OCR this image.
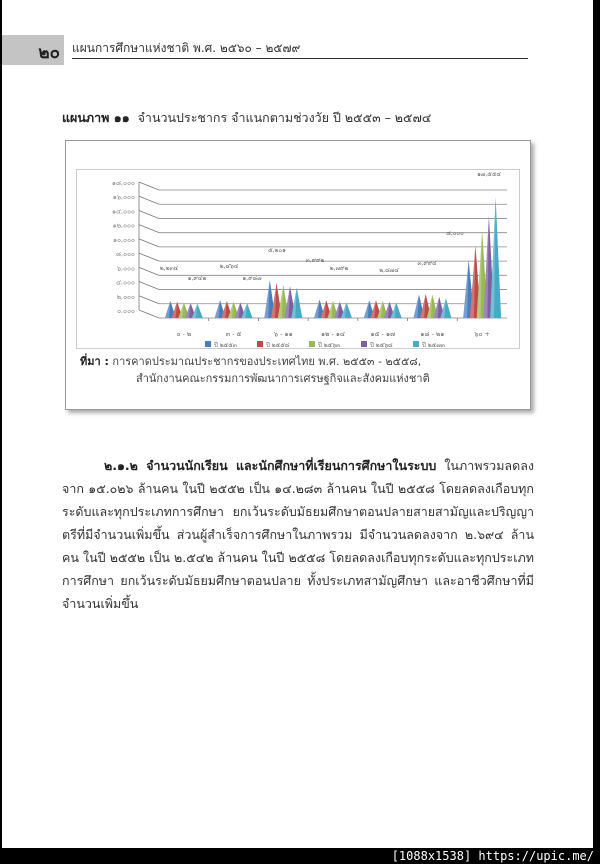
๒๐ แผนการศึกษาแห่งชาติ พ.ศ. ๒๕๖๐ – ๒๕๗๙
แผนภาพ ๑๑ จำนวนประชากร จำแนกตามช่วงวัย ปี ๒๕๕๓ – ๒๕๗๔
๐.๐๐๐
๒,๐๐๐
๔,๐๐๐
๖,๐๐๐
๘,๐๐๐
๑๐,๐๐๐
๑๒,๐๐๐
๑๔,๐๐๐
๑๖,๐๐๐
๑๘,๐๐๐
๐ - ๒	๓ - ๕	๖ - ๑๑	๑๒ - ๑๔	๑๕ - ๑๗	๑๘ - ๒๑	๖๐ +
๒,๒๓๔
๑,๙๔๒
๒,๔๖๔
๑,๙๘๗
๕,๒๐๑
๓,๙๙๒
๒,๗๙๒	๒,๘๗๔
๓,๙๙๔
๘,๐๐๐
๑๗,๕๕๔
ปี ๒๕๕๓	ปี ๒๕๕๘	ปี ๒๕๖๓	ปี ๒๕๖๘	ปี ๒๕๗๓
ที่มา : การคาดประมาณประชากรของประเทศไทย พ.ศ. ๒๕๕๓ - ๒๕๕๘,
สำนักงานคณะกรรมการพัฒนาการเศรษฐกิจและสังคมแห่งชาติ
๒.๑.๒ จำนวนนักเรียน และนักศึกษาที่เรียนการศึกษาในระบบ ในภาพรวมลดลงจาก ๑๕.๐๒๖ ล้านคน ในปี ๒๕๕๒ เป็น ๑๔.๒๘๓ ล้านคน ในปี ๒๕๕๘ โดยลดลงเกือบทุกระดับและทุกประเภทการศึกษา ยกเว้นระดับมัธยมศึกษาตอนปลายสายสามัญและปริญญาตรีที่มีจำนวนเพิ่มขึ้น ส่วนผู้สำเร็จการศึกษาในภาพรวม มีจำนวนลดลงจาก ๒.๖๙๔ ล้านคน ในปี ๒๕๕๒ เป็น ๒.๕๔๒ ล้านคน ในปี ๒๕๕๘ โดยลดลงเกือบทุกระดับและทุกประเภทการศึกษา ยกเว้นระดับมัธยมศึกษาตอนปลาย ทั้งประเภทสามัญศึกษา และอาชีวศึกษาที่มีจำนวนเพิ่มขึ้น
[1088x1538] https://upic.me/
